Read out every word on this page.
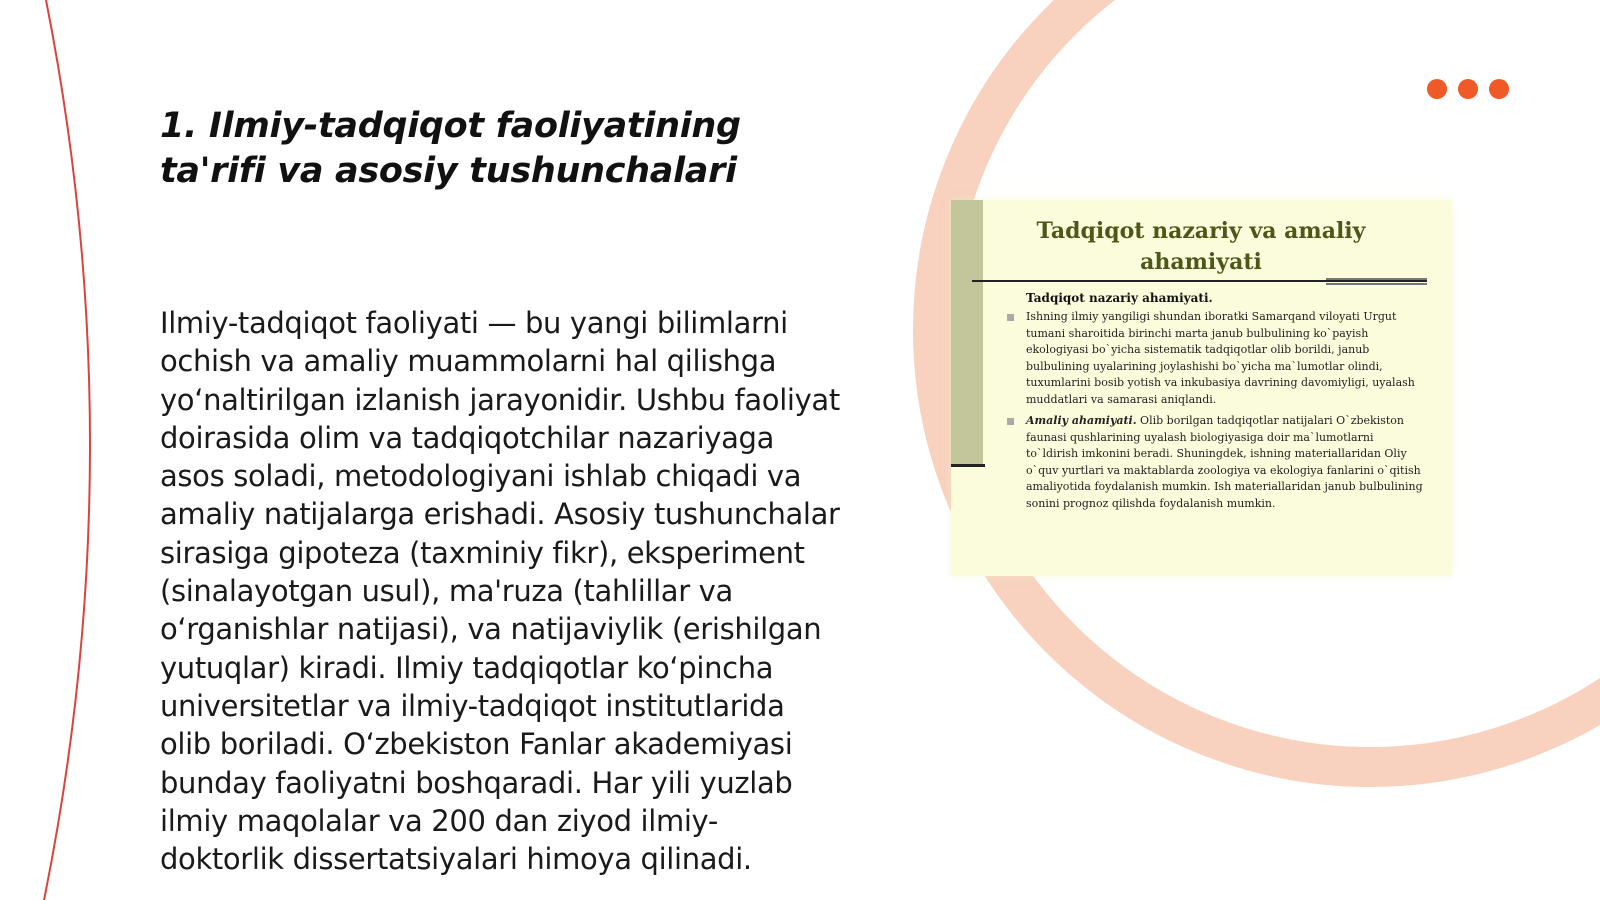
1. Ilmiy-tadqiqot faoliyatining ta'rifi va asosiy tushunchalari

Ilmiy-tadqiqot faoliyati — bu yangi bilimlarni ochish va amaliy muammolarni hal qilishga yo‘naltirilgan izlanish jarayonidir. Ushbu faoliyat doirasida olim va tadqiqotchilar nazariyaga asos soladi, metodologiyani ishlab chiqadi va amaliy natijalarga erishadi. Asosiy tushunchalar sirasiga gipoteza (taxminiy fikr), eksperiment (sinalayotgan usul), ma'ruza (tahlillar va o‘rganishlar natijasi), va natijaviylik (erishilgan yutuqlar) kiradi. Ilmiy tadqiqotlar ko‘pincha universitetlar va ilmiy-tadqiqot institutlarida olib boriladi. O‘zbekiston Fanlar akademiyasi bunday faoliyatni boshqaradi. Har yili yuzlab ilmiy maqolalar va 200 dan ziyod ilmiy-doktorlik dissertatsiyalari himoya qilinadi.

Tadqiqot nazariy va amaliy ahamiyati
Tadqiqot nazariy ahamiyati.
Ishning ilmiy yangiligi shundan iboratki Samarqand viloyati Urgut tumani sharoitida birinchi marta janub bulbulining ko`payish ekologiyasi bo`yicha sistematik tadqiqotlar olib borildi, janub bulbulining uyalarining joylashishi bo`yicha ma`lumotlar olindi, tuxumlarini bosib yotish va inkubasiya davrining davomiyligi, uyalash muddatlari va samarasi aniqlandi.
Amaliy ahamiyati. Olib borilgan tadqiqotlar natijalari O`zbekiston faunasi qushlarining uyalash biologiyasiga doir ma`lumotlarni to`ldirish imkonini beradi. Shuningdek, ishning materiallaridan Oliy o`quv yurtlari va maktablarda zoologiya va ekologiya fanlarini o`qitish amaliyotida foydalanish mumkin. Ish materiallaridan janub bulbulining sonini prognoz qilishda foydalanish mumkin.
